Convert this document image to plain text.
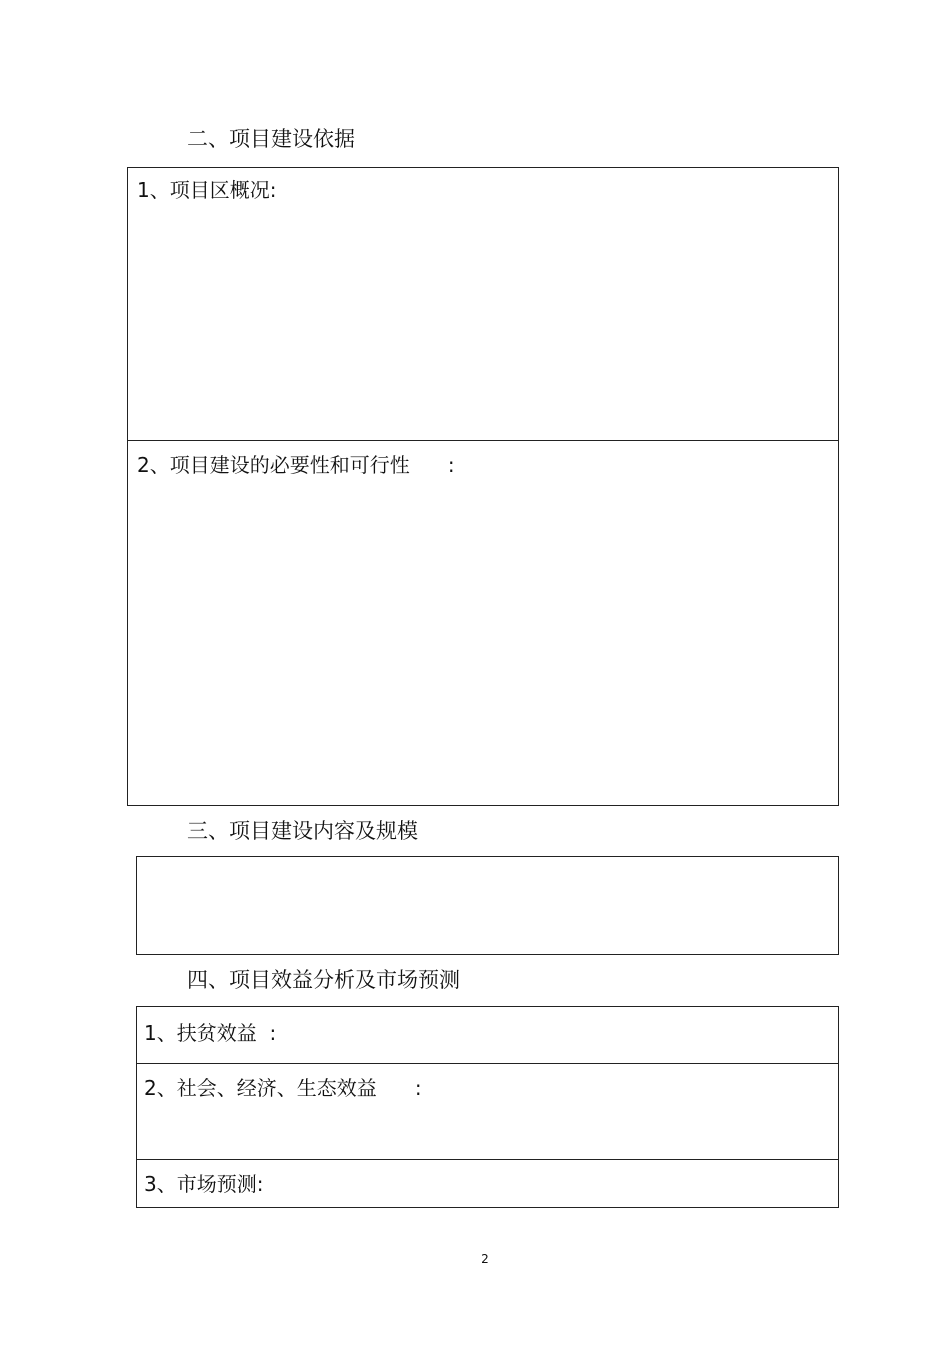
二、项目建设依据
1、项目区概况:
2、项目建设的必要性和可行性      :
三、项目建设内容及规模
四、项目效益分析及市场预测
1、扶贫效益  :
2、社会、经济、生态效益      :
3、市场预测:
2
